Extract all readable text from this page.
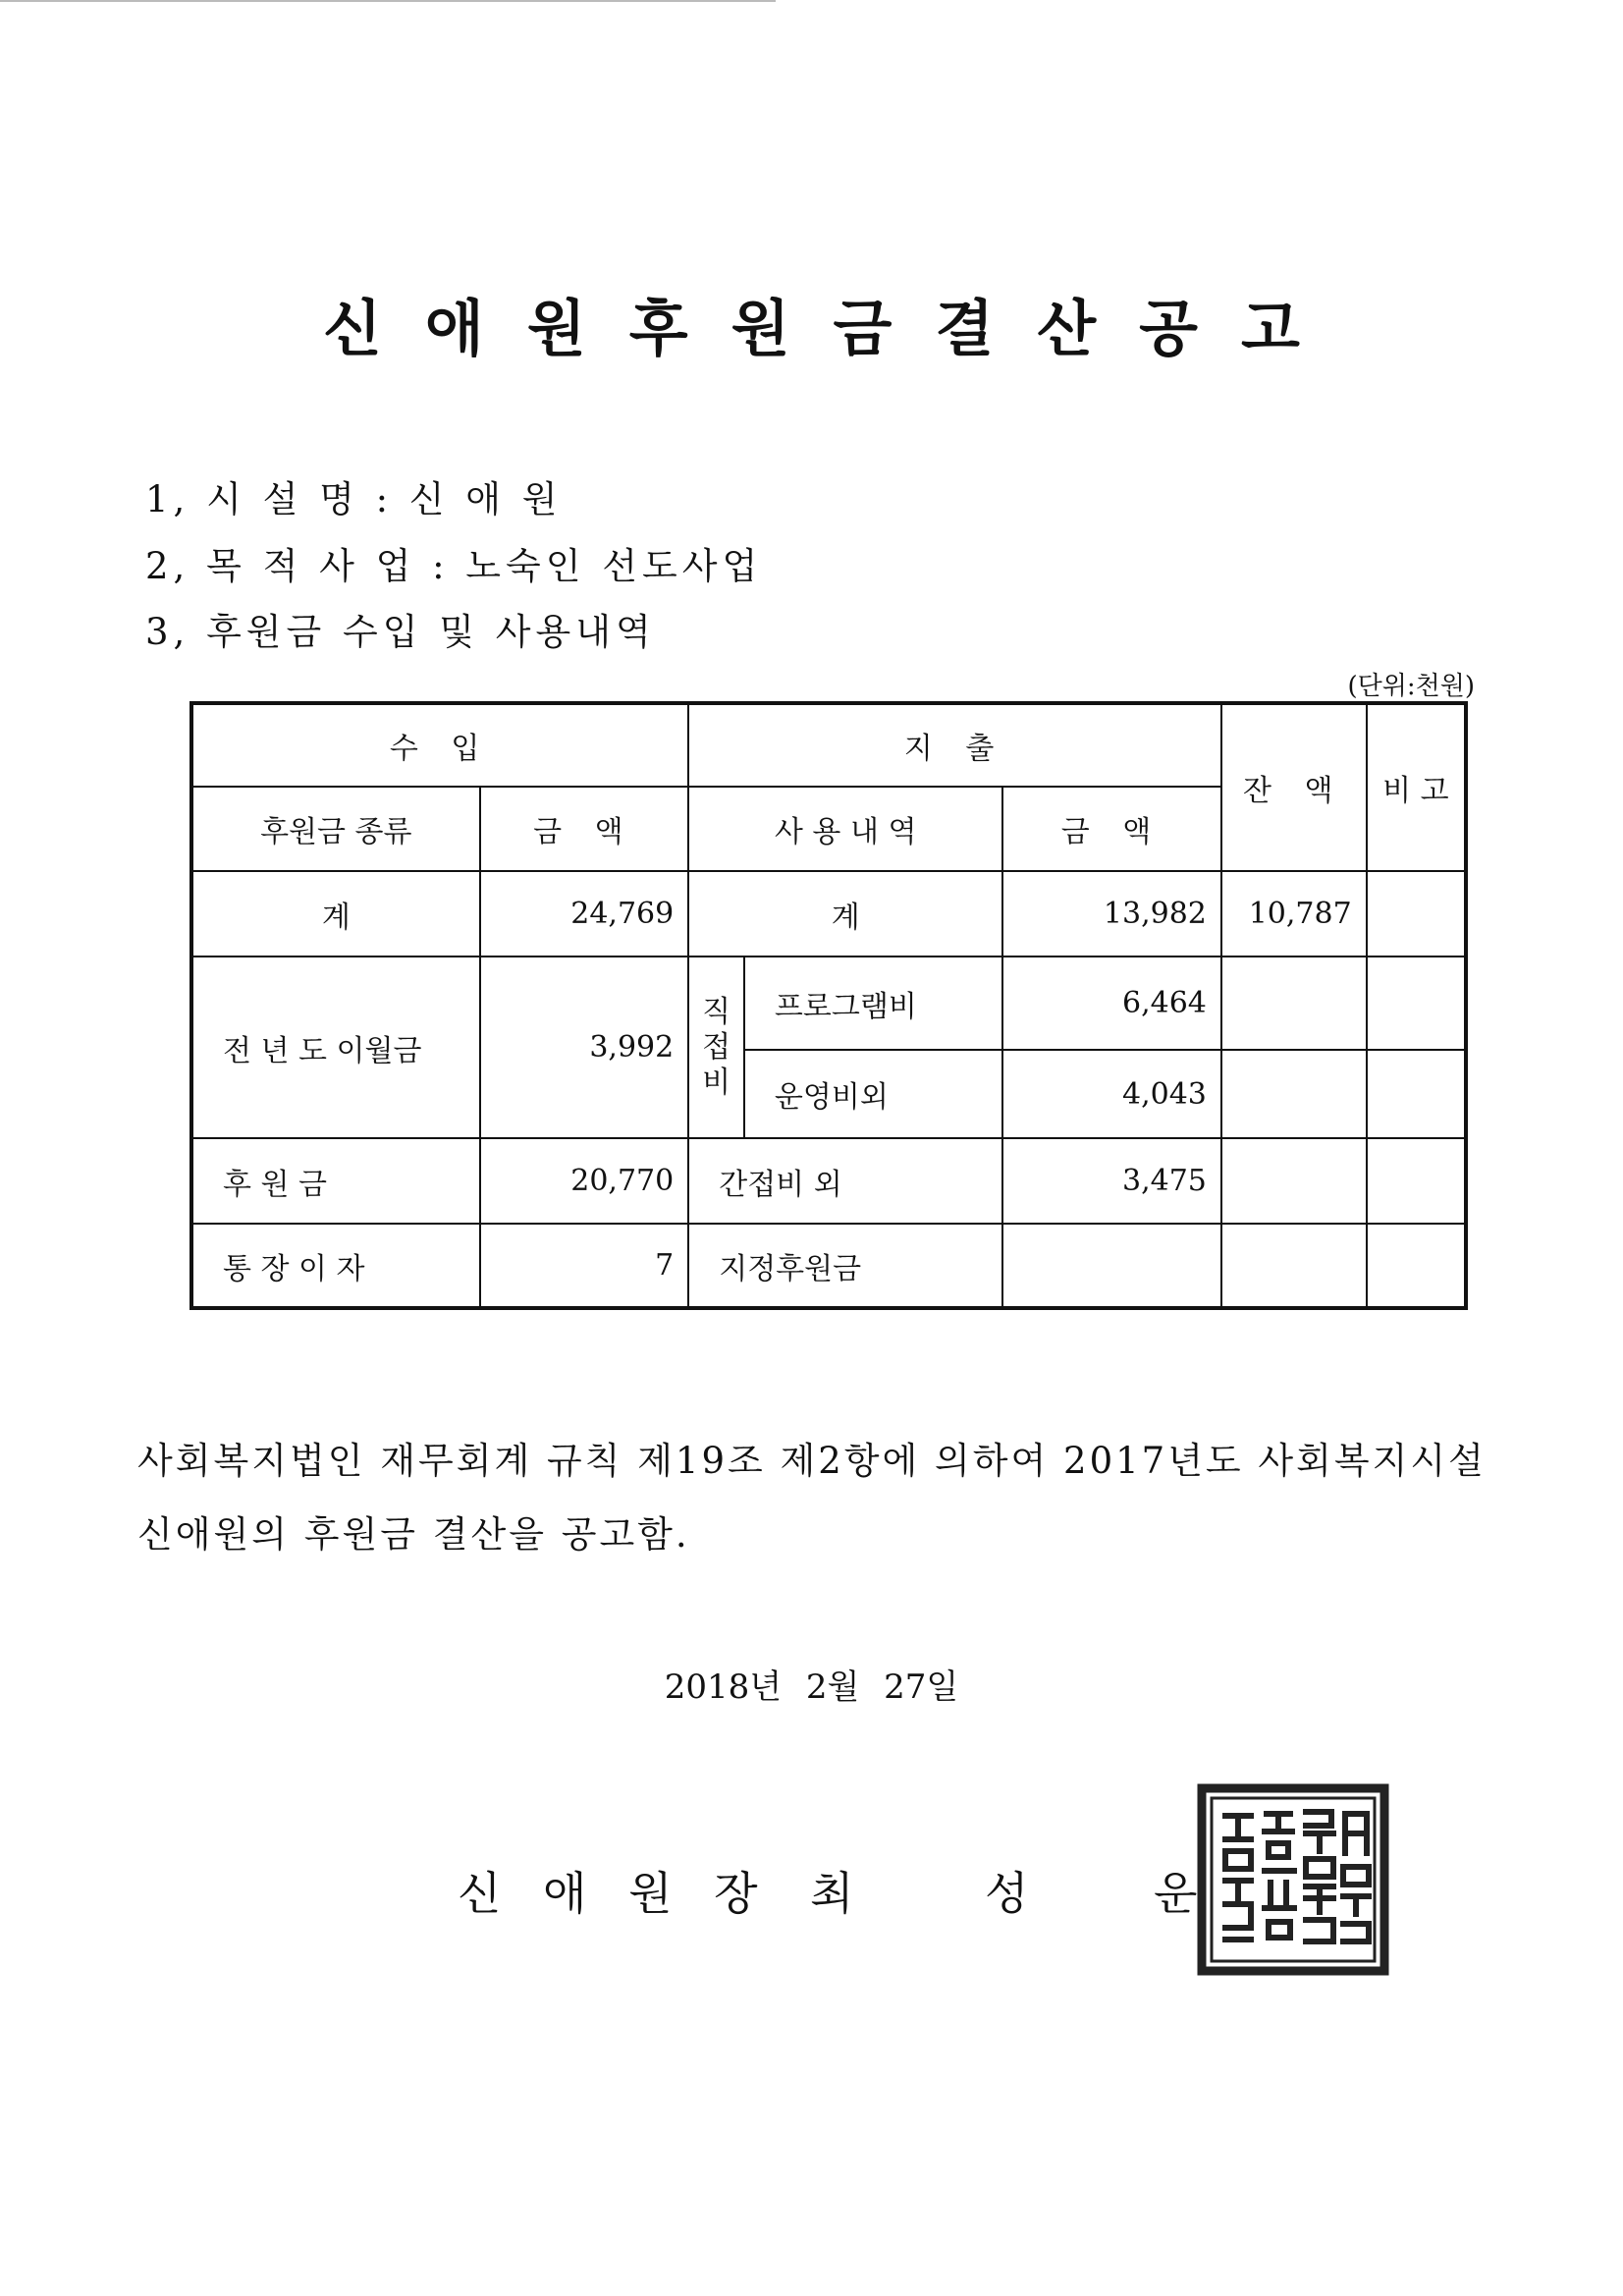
신애원후원금결산공고
1, 시 설 명 : 신 애 원
2, 목 적 사 업 : 노숙인 선도사업
3, 후원금 수입 및 사용내역
(단위:천원)
수 입		지 출			잔 액	비 고
후원금 종류	금 액	사 용 내 역		금 액		
계	24,769	계		13,982	10,787	
전 년 도 이월금	3,992	직접비	프로그램비	6,464		
			운영비외	4,043		
후 원 금	20,770	간접비 외		3,475		
통 장 이 자	7	지정후원금				
사회복지법인 재무회계 규칙 제19조 제2항에 의하여 2017년도 사회복지시설
신애원의 후원금 결산을 공고함.
2018년 2월 27일
신 애 원 장 최	성	운
